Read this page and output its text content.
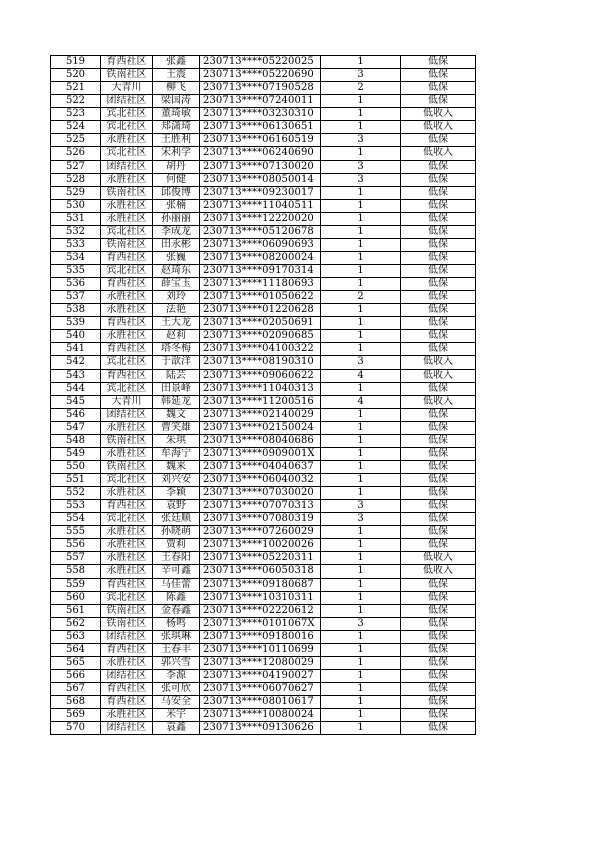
519	育西社区	张鑫	230713****05220025	1	低保
520	铁南社区	王震	230713****05220690	3	低保
521	大青川	柳飞	230713****07190528	2	低保
522	团结社区	梁国涛	230713****07240011	1	低保
523	宾北社区	董琦敏	230713****03230310	1	低收入
524	宾北社区	郑潇琦	230713****06130651	1	低收入
525	永胜社区	王胜利	230713****06160519	3	低保
526	宾北社区	宋利学	230713****06240690	1	低收入
527	团结社区	胡丹	230713****07130020	3	低保
528	永胜社区	何健	230713****08050014	3	低保
529	铁南社区	邱俊博	230713****09230017	1	低保
530	永胜社区	张楠	230713****11040511	1	低保
531	永胜社区	孙丽丽	230713****12220020	1	低保
532	宾北社区	李成龙	230713****05120678	1	低保
533	铁南社区	田永彬	230713****06090693	1	低保
534	育西社区	张巍	230713****08200024	1	低保
535	宾北社区	赵琦东	230713****09170314	1	低保
536	育西社区	薛宝玉	230713****11180693	1	低保
537	永胜社区	刘玲	230713****01050622	2	低保
538	永胜社区	法艳	230713****01220628	1	低保
539	育西社区	王大龙	230713****02050691	1	低保
540	永胜社区	赵莉	230713****02090685	1	低保
541	育西社区	塔冬梅	230713****04100322	1	低保
542	宾北社区	于歆洋	230713****08190310	3	低收入
543	育西社区	陆芸	230713****09060622	4	低收入
544	宾北社区	田景峰	230713****11040313	1	低保
545	大青川	韩延龙	230713****11200516	4	低收入
546	团结社区	魏文	230713****02140029	1	低保
547	永胜社区	曹笑雄	230713****02150024	1	低保
548	铁南社区	朱琪	230713****08040686	1	低保
549	永胜社区	牟海宁	230713****0909001X	1	低保
550	铁南社区	魏来	230713****04040637	1	低保
551	宾北社区	刘兴安	230713****06040032	1	低保
552	永胜社区	李颖	230713****07030020	1	低保
553	育西社区	袁野	230713****07070313	3	低保
554	宾北社区	张廷顺	230713****07080319	3	低保
555	永胜社区	孙晓萌	230713****07260029	1	低保
556	永胜社区	贾莉	230713****10020026	1	低保
557	永胜社区	王春阳	230713****05220311	1	低收入
558	永胜社区	辛可鑫	230713****06050318	1	低收入
559	育西社区	马佳蕾	230713****09180687	1	低保
560	宾北社区	陈鑫	230713****10310311	1	低保
561	铁南社区	金春鑫	230713****02220612	1	低保
562	铁南社区	杨鸣	230713****0101067X	3	低保
563	团结社区	张琪琳	230713****09180016	1	低保
564	育西社区	王春丰	230713****10110699	1	低保
565	永胜社区	郭兴雪	230713****12080029	1	低保
566	团结社区	李源	230713****04190027	1	低保
567	育西社区	张可欣	230713****06070627	1	低保
568	育西社区	马安全	230713****08010617	1	低保
569	永胜社区	米宇	230713****10080024	1	低保
570	团结社区	袁鑫	230713****09130626	1	低保
